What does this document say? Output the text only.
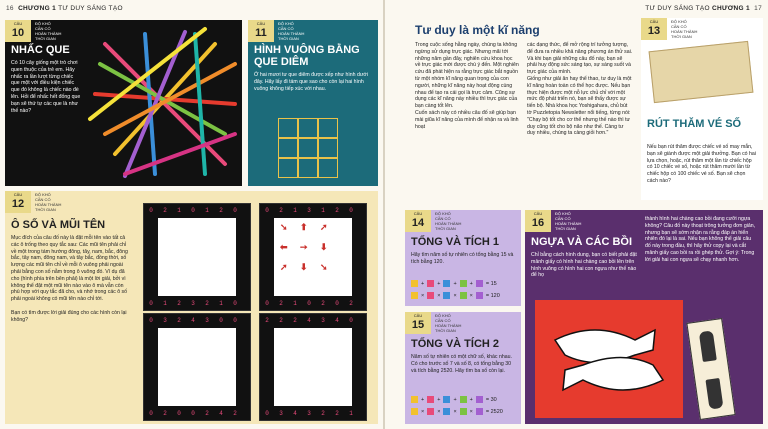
16 CHƯƠNG 1 TƯ DUY SÁNG TẠO
CÂU
10
ĐỘ KHÓ
CẦN CÓ
HOÀN THÀNH
THỜI GIAN
NHẤC QUE
Có 10 cây giống một trò chơi quen thuộc của trẻ em. Hãy nhấc ra lần lượt từng chiếc que một với điều kiện chiếc que đó không là chiếc nào đè lên. Hỏi để nhấc hết đống que bạn sẽ thứ tự các que là như thế nào?
CÂU
11
ĐỘ KHÓ
CẦN CÓ
HOÀN THÀNH
THỜI GIAN
HÌNH VUÔNG BẰNG QUE DIÊM
Ở hai mươi tư que diêm được xếp như hình dưới đây. Hãy lấy đi tám que sao cho còn lại hai hình vuông không tiếp xúc với nhau.
CÂU
12
ĐỘ KHÓ
CẦN CÓ
HOÀN THÀNH
THỜI GIAN
Ô SỐ VÀ MŨI TÊN
Mục đích của câu đố này là đặt mỗi tên vào tất cả các ô trống theo quy tắc sau: Các mũi tên phải chỉ về một trong tám hướng đông, tây, nam, bắc, đông bắc, tây nam, đông nam, và tây bắc, đồng thời, số lượng các mũi tên chỉ về mỗi ô vuông phải ngoài phải bằng con số nằm trong ô vuông đó. Ví dụ đã cho (hình phía trên bên phải) là một lời giải, bởi vì không thể đặt một mũi tên nào vào ô mà vẫn còn phù hợp với quy tắc đã cho, và nhớ trong các ô số phải ngoài không có mũi tên nào chỉ tới.

Bạn có tìm được lời giải đúng cho các hình còn lại không?
0	2	1	0	1	2	0
0	1	2	3	2	1	0
➘ ⬆ ➚
⬅ ➙ ⬇
➚ ⬇ ➘
0	2	1	3	1	2	0
0	2	1	0	2	0	2
0	3	2	4	3	0	0
0	2	0	0	2	4	2
2	2	2	4	3	4	0
0	3	4	3	2	2	1
TƯ DUY SÁNG TẠO CHƯƠNG 1 17
Tư duy là một kĩ năng
Trong cuộc sống hằng ngày, chúng ta không ngừng sử dụng trực giác. Nhưng mãi tới những năm gần đây, nghiên cứu khoa học về trực giác mới được chú ý đến. Một nghiên cứu đã phát hiện ra rằng trực giác bắt nguồn từ một nhóm kĩ năng quan trọng của con người, những kĩ năng này hoạt động cùng nhau để tạo ra cái gọi là trực cảm. Cũng sự dụng các kĩ năng này nhiều thì trực giác của bạn càng tốt lên.
Cuốn sách này có nhiều câu đố sẽ giúp bạn mài giũa kĩ năng của mình để nhận ra và linh hoạt
các dạng thức, để mở rộng trí tưởng tượng, để đưa ra nhiều khả năng phương án thử sai. Và khi bạn giải những câu đố này, bạn sẽ phải huy động sức sáng tạo, sự sáng suốt và trực giác của mình.
Giống như giải ăn hay thể thao, tư duy là một kĩ năng hoàn toàn có thể học được. Nếu bạn thực hiện được một nỗ lực chủ chỉ với một mức độ phát triển nó, bạn sẽ thấy được sự tiến bộ. Nhà khoa học Yoshigahara, chủ bút tờ Puzzletopia Newsletter nổi tiếng, từng nói: "Chạy bộ tốt cho cơ thể nhưng thế nào thì tư duy cũng tốt cho bộ não như thế. Càng tư duy nhiều, chúng ta càng giỏi hơn."
CÂU
13
ĐỘ KHÓ
CẦN CÓ
HOÀN THÀNH
THỜI GIAN
RÚT THĂM VÉ SỐ
Nếu bạn rút thăm được chiếc vé số may mắn, bạn sẽ giành được một giải thưởng. Bạn có hai lựa chọn, hoặc, rút thăm một lần từ chiếc hộp có 10 chiếc vé số, hoặc rút thăm mười lần từ chiếc hộp có 100 chiếc vé số. Bạn sẽ chọn cách nào?
CÂU
14
ĐỘ KHÓ
CẦN CÓ
HOÀN THÀNH
THỜI GIAN
TỔNG VÀ TÍCH 1
Hãy tìm năm số tự nhiên có tổng bằng 15 và tích bằng 120.
+ + + + = 15
× × × × = 120
CÂU
15
ĐỘ KHÓ
CẦN CÓ
HOÀN THÀNH
THỜI GIAN
TỔNG VÀ TÍCH 2
Năm số tự nhiên có một chữ số, khác nhau. Có cho trước số 7 và số 8, có tổng bằng 30 và tích bằng 2520. Hãy tìm ba số còn lại.
+ + + + = 30
× × × × = 2520
CÂU
16
ĐỘ KHÓ
CẦN CÓ
HOÀN THÀNH
THỜI GIAN
NGỰA VÀ CÁC BỒI
Chỉ bằng cách hình dung, bạn có biết phải đặt mảnh giấy có hình hai chàng cao bồi lên trên hình vuông có hình hai con ngựa như thế nào để họ
thành hình hai chàng cao bồi đang cưỡi ngựa không? Câu đố này thoạt trông tưởng đơn giản, nhưng bạn sẽ sớm nhận ra rằng đáp án hiển nhiên đó lại là sai. Nếu bạn không thể giải câu đố này trong đầu, thì hãy thử copy lại và cắt mảnh giấy cao bồi ra rồi ghép thử. Gợi ý: Trong lời giải hai con ngựa sẽ chạy nhanh hơn.
